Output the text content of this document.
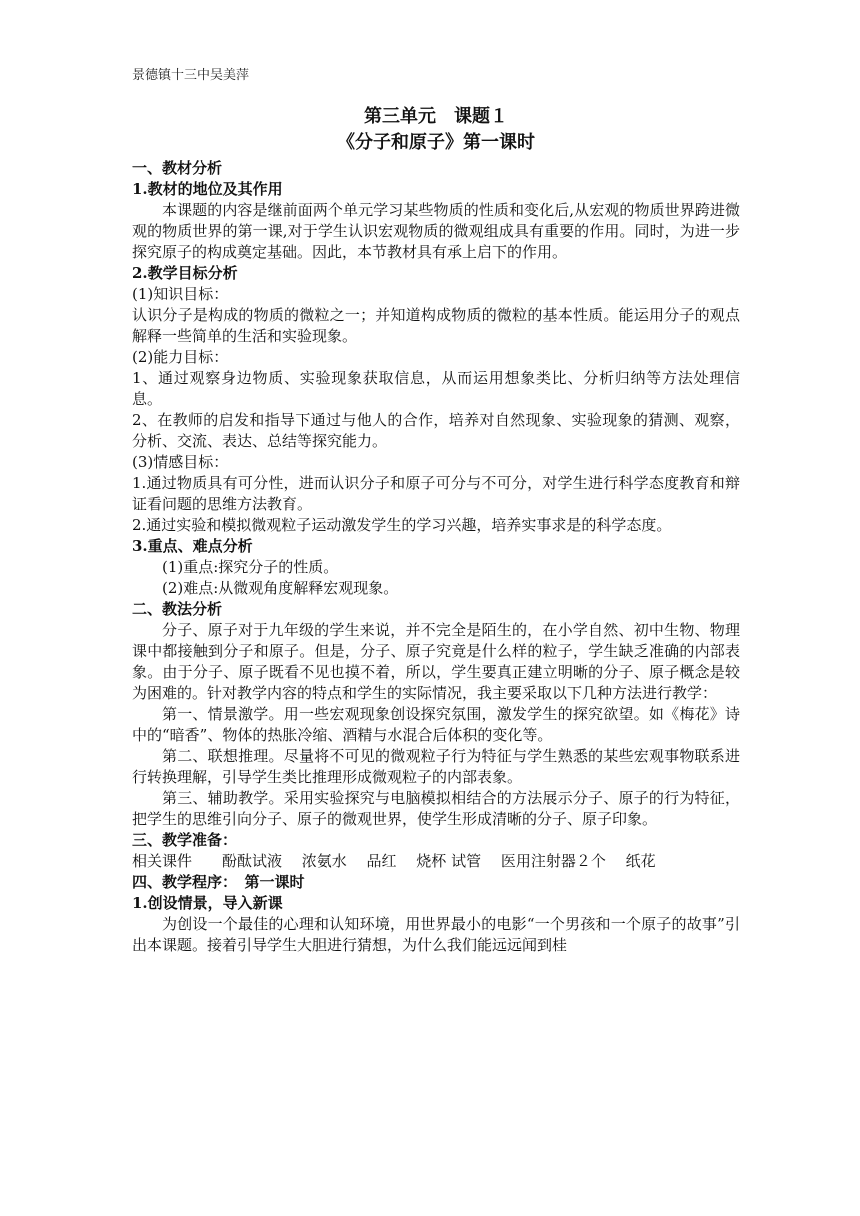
景德镇十三中吴美萍

第三单元　课题１

《分子和原子》第一课时

一、教材分析

1.教材的地位及其作用

本课题的内容是继前面两个单元学习某些物质的性质和变化后,从宏观的物质世界跨进微观的物质世界的第一课,对于学生认识宏观物质的微观组成具有重要的作用。同时，为进一步探究原子的构成奠定基础。因此，本节教材具有承上启下的作用。

2.教学目标分析

(1)知识目标：

认识分子是构成的物质的微粒之一；并知道构成物质的微粒的基本性质。能运用分子的观点解释一些简单的生活和实验现象。

(2)能力目标：

1、通过观察身边物质、实验现象获取信息，从而运用想象类比、分析归纳等方法处理信息。

2、在教师的启发和指导下通过与他人的合作，培养对自然现象、实验现象的猜测、观察，分析、交流、表达、总结等探究能力。

(3)情感目标：

1.通过物质具有可分性，进而认识分子和原子可分与不可分，对学生进行科学态度教育和辩证看问题的思维方法教育。

2.通过实验和模拟微观粒子运动激发学生的学习兴趣，培养实事求是的科学态度。

3.重点、难点分析

(1)重点:探究分子的性质。

(2)难点:从微观角度解释宏观现象。

二、教法分析

分子、原子对于九年级的学生来说，并不完全是陌生的，在小学自然、初中生物、物理课中都接触到分子和原子。但是，分子、原子究竟是什么样的粒子，学生缺乏准确的内部表象。由于分子、原子既看不见也摸不着，所以，学生要真正建立明晰的分子、原子概念是较为困难的。针对教学内容的特点和学生的实际情况，我主要采取以下几种方法进行教学：

第一、情景激学。用一些宏观现象创设探究氛围，激发学生的探究欲望。如《梅花》诗中的“暗香”、物体的热胀冷缩、酒精与水混合后体积的变化等。

第二、联想推理。尽量将不可见的微观粒子行为特征与学生熟悉的某些宏观事物联系进行转换理解，引导学生类比推理形成微观粒子的内部表象。

第三、辅助教学。采用实验探究与电脑模拟相结合的方法展示分子、原子的行为特征，把学生的思维引向分子、原子的微观世界，使学生形成清晰的分子、原子印象。

三、教学准备：

相关课件　　酚酞试液　 浓氨水　 品红　 烧杯 试管　 医用注射器２个　 纸花

四、教学程序：　第一课时

1.创设情景，导入新课

为创设一个最佳的心理和认知环境，用世界最小的电影“一个男孩和一个原子的故事”引出本课题。接着引导学生大胆进行猜想，为什么我们能远远闻到桂
